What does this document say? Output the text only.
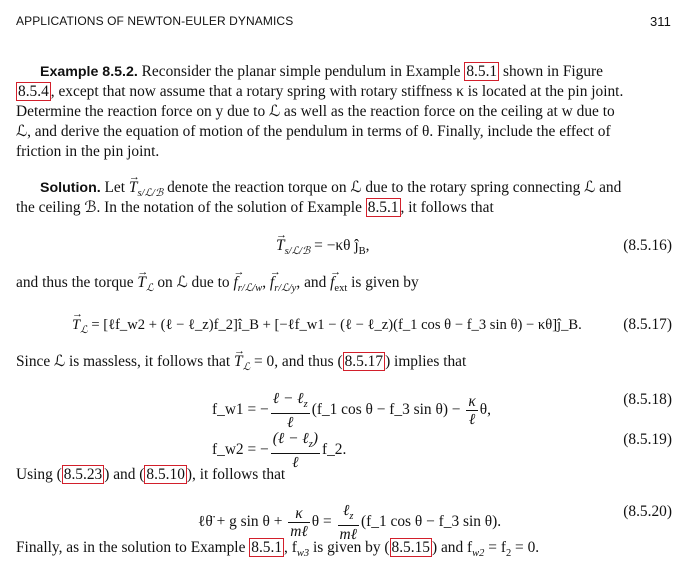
APPLICATIONS OF NEWTON-EULER DYNAMICS	311
Example 8.5.2. Reconsider the planar simple pendulum in Example 8.5.1 shown in Figure
8.5.4 , except that now assume that a rotary spring with rotary stiffness κ is located at the pin joint.
Determine the reaction force on y due to ℒ as well as the reaction force on the ceiling at w due to
ℒ, and derive the equation of motion of the pendulum in terms of θ. Finally, include the effect of
friction in the pin joint.
Solution. Let → $T_{s/ℒ/ℬ}$ denote the reaction torque on ℒ due to the rotary spring connecting ℒ and
the ceiling ℬ. In the notation of the solution of Example 8.5.1 , it follows that
→ $T_{s/ℒ/ℬ} = -\kappa\theta$ $ĵ_B$,	(8.5.16)
and thus the torque → $T_ℒ$ on ℒ due to → $f_{r/ℒ/w}$, → $f_{r/ℒ/y}$, and → $f_{ext}$ is given by
→ $T_ℒ$ = [ℓf_w2 + (ℓ − ℓ_z)f_2]î_B + [−ℓf_w1 − (ℓ − ℓ_z)(f_1 cos θ − f_3 sin θ) − κθ]ĵ_B.	(8.5.17)
Since ℒ is massless, it follows that → $T_ℒ = 0$, and thus ( 8.5.17 ) implies that
f_w1 = − $\frac{\ell - \ell_z}{\text{ℓ}}$ (f_1 cos θ − f_3 $\sin \theta) - \frac{\kappa}{\text{ℓ}} \theta$,
(8.5.18)
f_w2 = − $\frac{(\ell - \ell_z)}{\text{ℓ}}$ f_2.
(8.5.19)
Using ( 8.5.23 ) and ( 8.5.10 ), it follows that
ℓθ̈ + g $\sin \theta + \frac{\kappa}{\text{mℓ}}$ $\theta = \frac{\ell_z}{\text{mℓ}}$ (f_1 cos θ − f_3 sin θ).
(8.5.20)
Finally, as in the solution to Example 8.5.1 , $f_{w3}$ is given by ( 8.5.15 ) and $f_{w2} = f_2 = 0$.
